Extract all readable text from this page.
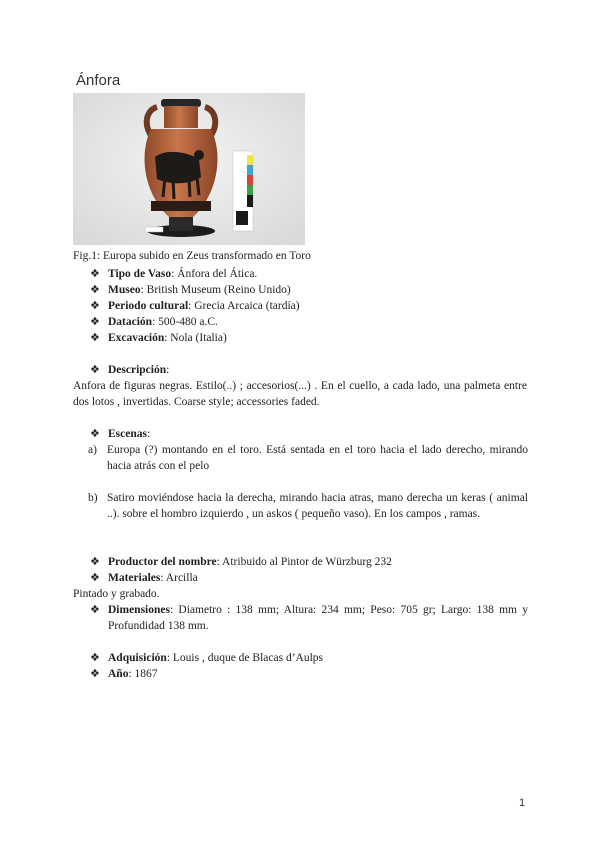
Ánfora
Fig.1: Europa subido en Zeus transformado en Toro
❖ Tipo de Vaso : Ánfora del Ática.
❖ Museo : British Museum (Reino Unido)
❖ Periodo cultural : Grecia Arcaica (tardía)
❖ Datación : 500-480 a.C.
❖ Excavación : Nola (Italia)
❖ Descripción :
Anfora de figuras negras. Estilo(..) ; accesorios(...) . En el cuello, a cada lado, una palmeta entre dos lotos , invertidas. Coarse style; accessories faded.
❖ Escenas :
a) Europa (?) montando en el toro. Está sentada en el toro hacia el lado derecho, mirando hacia atrás con el pelo
b) Satiro moviéndose hacia la derecha, mirando hacia atras, mano derecha un keras ( animal ..). sobre el hombro izquierdo , un askos ( pequeño vaso). En los campos , ramas.
❖ Productor del nombre : Atribuido al Pintor de Würzburg 232
❖ Materiales : Arcilla
Pintado y grabado.
❖ Dimensiones: Diametro : 138 mm; Altura: 234 mm; Peso: 705 gr; Largo: 138 mm y Profundidad 138 mm.
❖ Adquisición : Louis , duque de Blacas d’Aulps
❖ Año : 1867
1
